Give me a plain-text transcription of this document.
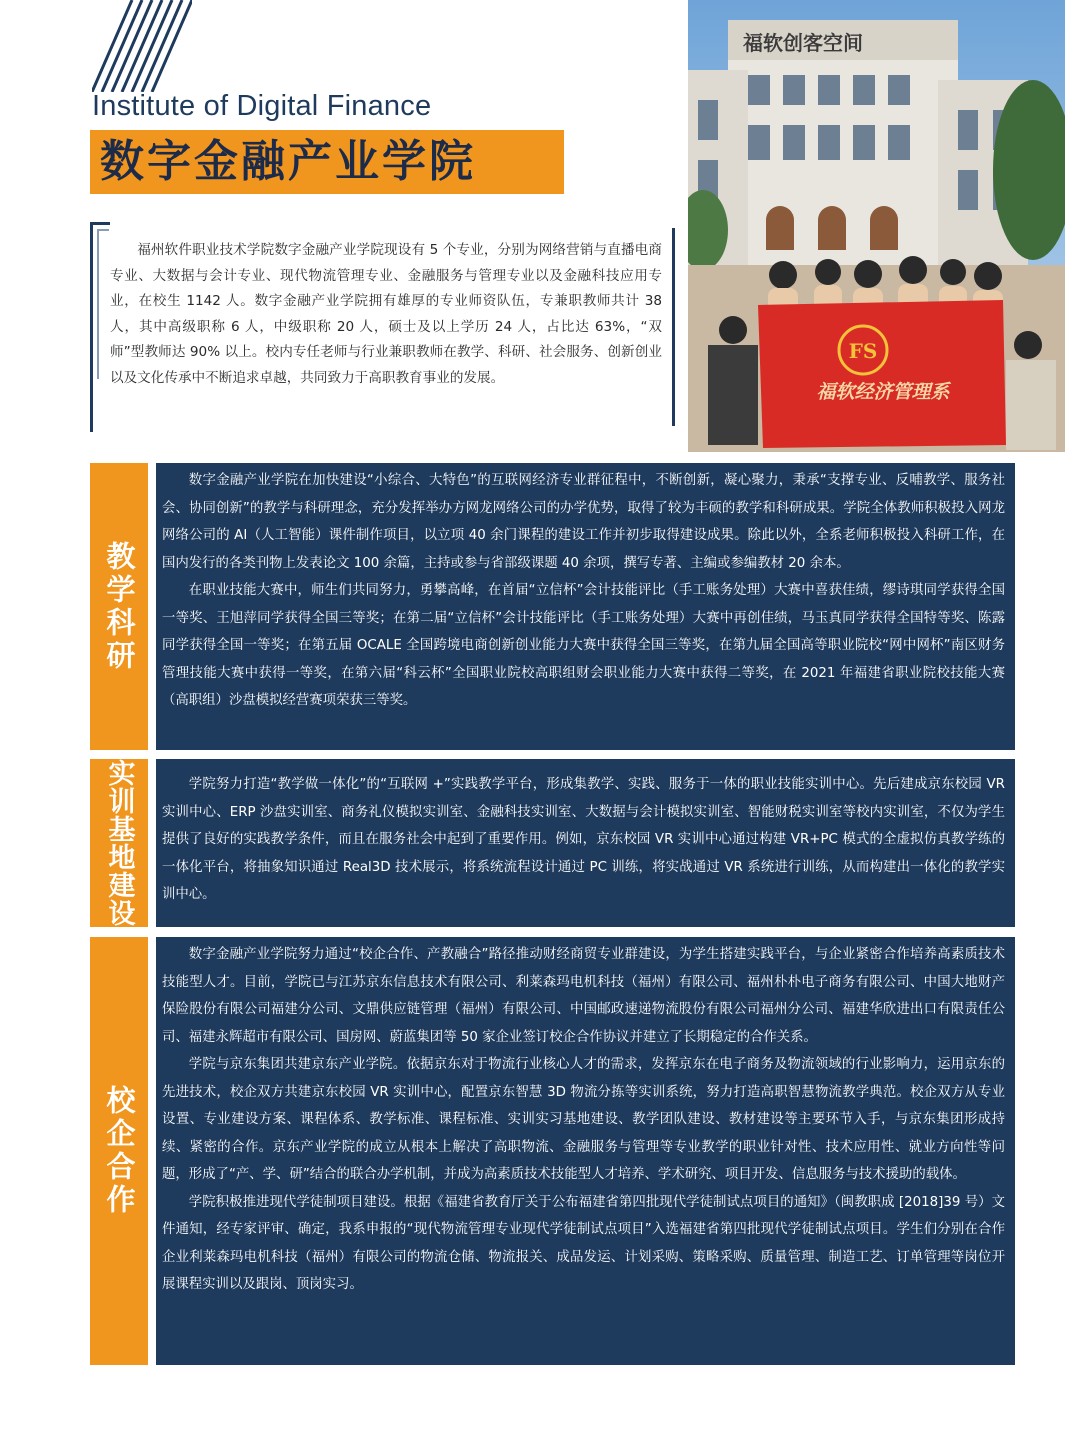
Institute of Digital Finance
数字金融产业学院

福州软件职业技术学院数字金融产业学院现设有 5 个专业，分别为网络营销与直播电商专业、大数据与会计专业、现代物流管理专业、金融服务与管理专业以及金融科技应用专业，在校生 1142 人。数字金融产业学院拥有雄厚的专业师资队伍，专兼职教师共计 38 人，其中高级职称 6 人，中级职称 20 人，硕士及以上学历 24 人，占比达 63%，“双师”型教师达 90% 以上。校内专任老师与行业兼职教师在教学、科研、社会服务、创新创业以及文化传承中不断追求卓越，共同致力于高职教育事业的发展。

福软创客空间
FS
福软经济管理系
教学科研

数字金融产业学院在加快建设“小综合、大特色”的互联网经济专业群征程中，不断创新，凝心聚力，秉承“支撑专业、反哺教学、服务社会、协同创新”的教学与科研理念，充分发挥举办方网龙网络公司的办学优势，取得了较为丰硕的教学和科研成果。学院全体教师积极投入网龙网络公司的 AI（人工智能）课件制作项目，以立项 40 余门课程的建设工作并初步取得建设成果。除此以外，全系老师积极投入科研工作，在国内发行的各类刊物上发表论文 100 余篇，主持或参与省部级课题 40 余项，撰写专著、主编或参编教材 20 余本。

在职业技能大赛中，师生们共同努力，勇攀高峰，在首届“立信杯”会计技能评比（手工账务处理）大赛中喜获佳绩，缪诗琪同学获得全国一等奖、王旭萍同学获得全国三等奖；在第二届“立信杯”会计技能评比（手工账务处理）大赛中再创佳绩，马玉真同学获得全国特等奖、陈露同学获得全国一等奖；在第五届 OCALE 全国跨境电商创新创业能力大赛中获得全国三等奖，在第九届全国高等职业院校“网中网杯”南区财务管理技能大赛中获得一等奖，在第六届“科云杯”全国职业院校高职组财会职业能力大赛中获得二等奖，在 2021 年福建省职业院校技能大赛（高职组）沙盘模拟经营赛项荣获三等奖。

实训基地建设	学院努力打造“教学做一体化”的“互联网 +”实践教学平台，形成集教学、实践、服务于一体的职业技能实训中心。先后建成京东校园 VR 实训中心、ERP 沙盘实训室、商务礼仪模拟实训室、金融科技实训室、大数据与会计模拟实训室、智能财税实训室等校内实训室，不仅为学生提供了良好的实践教学条件，而且在服务社会中起到了重要作用。例如，京东校园 VR 实训中心通过构建 VR+PC 模式的全虚拟仿真教学练的一体化平台，将抽象知识通过 Real3D 技术展示，将系统流程设计通过 PC 训练，将实战通过 VR 系统进行训练，从而构建出一体化的教学实训中心。

校企合作

数字金融产业学院努力通过“校企合作、产教融合”路径推动财经商贸专业群建设，为学生搭建实践平台，与企业紧密合作培养高素质技术技能型人才。目前，学院已与江苏京东信息技术有限公司、利莱森玛电机科技（福州）有限公司、福州朴朴电子商务有限公司、中国大地财产保险股份有限公司福建分公司、文鼎供应链管理（福州）有限公司、中国邮政速递物流股份有限公司福州分公司、福建华欣进出口有限责任公司、福建永辉超市有限公司、国房网、蔚蓝集团等 50 家企业签订校企合作协议并建立了长期稳定的合作关系。

学院与京东集团共建京东产业学院。依据京东对于物流行业核心人才的需求，发挥京东在电子商务及物流领域的行业影响力，运用京东的先进技术，校企双方共建京东校园 VR 实训中心，配置京东智慧 3D 物流分拣等实训系统，努力打造高职智慧物流教学典范。校企双方从专业设置、专业建设方案、课程体系、教学标准、课程标准、实训实习基地建设、教学团队建设、教材建设等主要环节入手，与京东集团形成持续、紧密的合作。京东产业学院的成立从根本上解决了高职物流、金融服务与管理等专业教学的职业针对性、技术应用性、就业方向性等问题，形成了“产、学、研”结合的联合办学机制，并成为高素质技术技能型人才培养、学术研究、项目开发、信息服务与技术援助的载体。

学院积极推进现代学徒制项目建设。根据《福建省教育厅关于公布福建省第四批现代学徒制试点项目的通知》（闽教职成 [2018]39 号）文件通知，经专家评审、确定，我系申报的“现代物流管理专业现代学徒制试点项目”入选福建省第四批现代学徒制试点项目。学生们分别在合作企业利莱森玛电机科技（福州）有限公司的物流仓储、物流报关、成品发运、计划采购、策略采购、质量管理、制造工艺、订单管理等岗位开展课程实训以及跟岗、顶岗实习。
